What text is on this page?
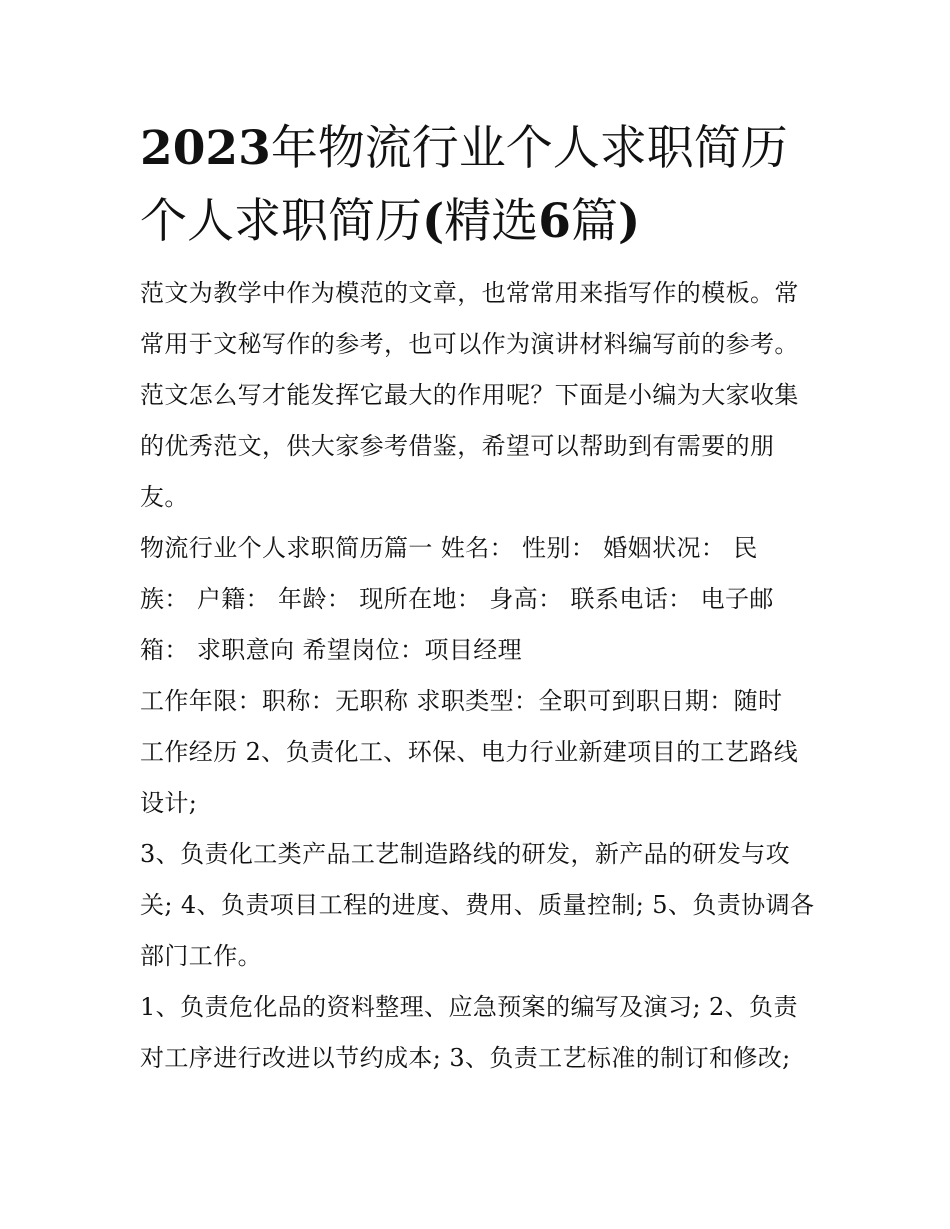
2023年物流行业个人求职简历
个人求职简历(精选6篇)

范文为教学中作为模范的文章，也常常用来指写作的模板。常
常用于文秘写作的参考，也可以作为演讲材料编写前的参考。
范文怎么写才能发挥它最大的作用呢？下面是小编为大家收集
的优秀范文，供大家参考借鉴，希望可以帮助到有需要的朋
友。

物流行业个人求职简历篇一 姓名： 性别： 婚姻状况： 民
族： 户籍： 年龄： 现所在地： 身高： 联系电话： 电子邮
箱： 求职意向 希望岗位：项目经理

工作年限：职称：无职称 求职类型：全职可到职日期：随时
工作经历 2、负责化工、环保、电力行业新建项目的工艺路线
设计;

3、负责化工类产品工艺制造路线的研发，新产品的研发与攻
关; 4、负责项目工程的进度、费用、质量控制; 5、负责协调各
部门工作。

1、负责危化品的资料整理、应急预案的编写及演习; 2、负责
对工序进行改进以节约成本; 3、负责工艺标准的制订和修改;
